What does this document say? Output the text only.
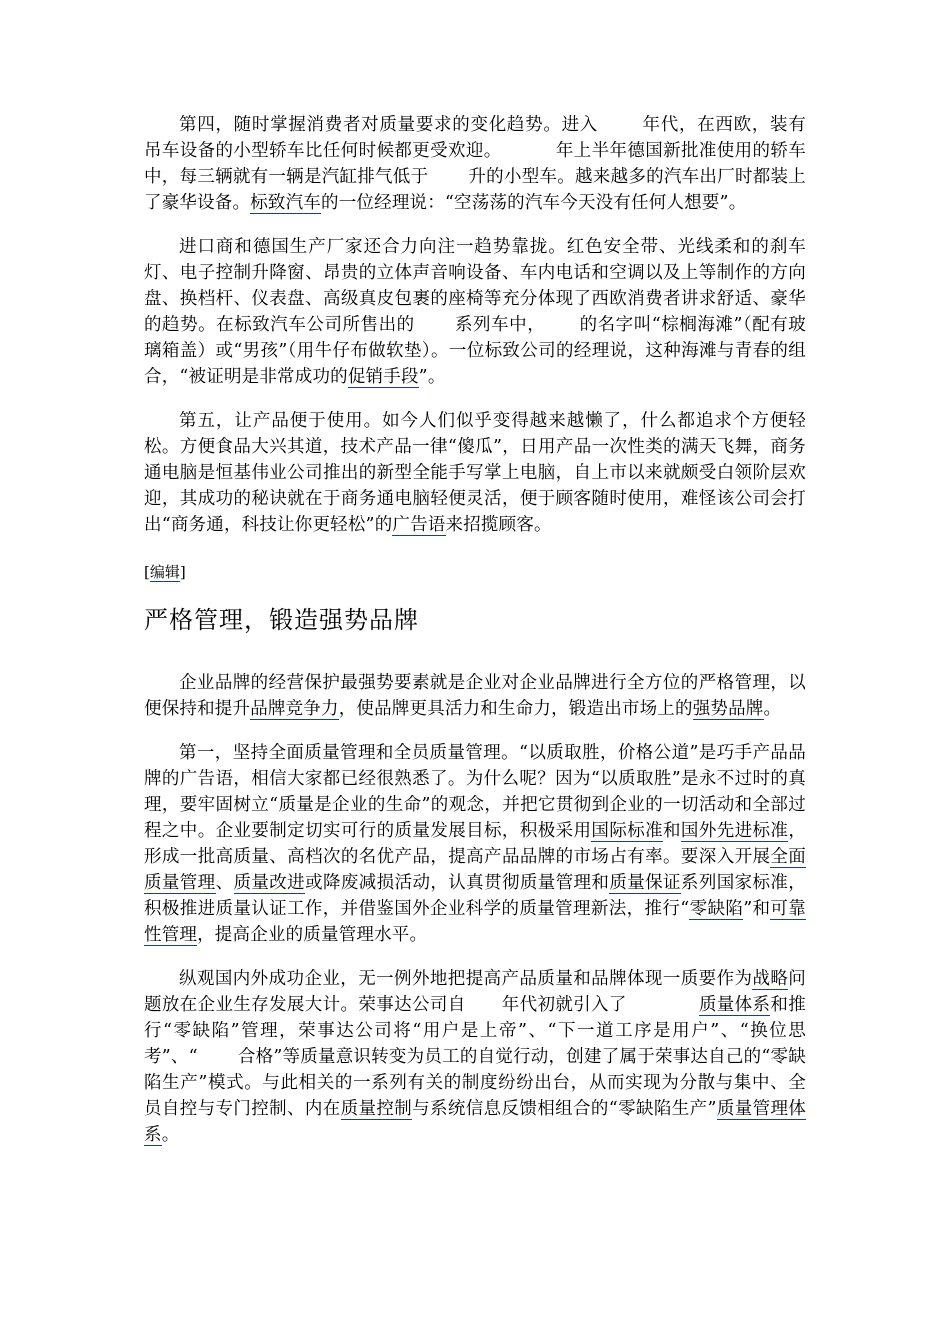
第四，随时掌握消费者对质量要求的变化趋势。进入	年代，在西欧，装有吊车设备的小型轿车比任何时候都更受欢迎。	年上半年德国新批准使用的轿车中，每三辆就有一辆是汽缸排气低于 升的小型车。越来越多的汽车出厂时都装上了豪华设备。标致汽车的一位经理说：“空荡荡的汽车今天没有任何人想要”。

进口商和德国生产厂家还合力向注一趋势靠拢。红色安全带、光线柔和的刹车灯、电子控制升降窗、昂贵的立体声音响设备、车内电话和空调以及上等制作的方向盘、换档杆、仪表盘、高级真皮包裹的座椅等充分体现了西欧消费者讲求舒适、豪华的趋势。在标致汽车公司所售出的 系列车中， 的名字叫“棕榈海滩”（配有玻璃箱盖）或“男孩”（用牛仔布做软垫）。一位标致公司的经理说，这种海滩与青春的组合，“被证明是非常成功的促销手段”。

第五，让产品便于使用。如今人们似乎变得越来越懒了，什么都追求个方便轻松。方便食品大兴其道，技术产品一律“傻瓜”，日用产品一次性类的满天飞舞，商务通电脑是恒基伟业公司推出的新型全能手写掌上电脑，自上市以来就颇受白领阶层欢迎，其成功的秘诀就在于商务通电脑轻便灵活，便于顾客随时使用，难怪该公司会打出“商务通，科技让你更轻松”的广告语来招揽顾客。

[编辑]
严格管理，锻造强势品牌

企业品牌的经营保护最强势要素就是企业对企业品牌进行全方位的严格管理，以便保持和提升品牌竞争力，使品牌更具活力和生命力，锻造出市场上的强势品牌。

第一，坚持全面质量管理和全员质量管理。“以质取胜，价格公道”是巧手产品品牌的广告语，相信大家都已经很熟悉了。为什么呢？因为“以质取胜”是永不过时的真理，要牢固树立“质量是企业的生命”的观念，并把它贯彻到企业的一切活动和全部过程之中。企业要制定切实可行的质量发展目标，积极采用国际标准和国外先进标准，形成一批高质量、高档次的名优产品，提高产品品牌的市场占有率。要深入开展全面质量管理、质量改进或降废减损活动，认真贯彻质量管理和质量保证系列国家标准，积极推进质量认证工作，并借鉴国外企业科学的质量管理新法，推行“零缺陷”和可靠性管理，提高企业的质量管理水平。

纵观国内外成功企业，无一例外地把提高产品质量和品牌体现一质要作为战略问题放在企业生存发展大计。荣事达公司自 年代初就引入了	质量体系和推行“零缺陷”管理，荣事达公司将“用户是上帝”、“下一道工序是用户”、“换位思考”、“ 合格”等质量意识转变为员工的自觉行动，创建了属于荣事达自己的“零缺陷生产”模式。与此相关的一系列有关的制度纷纷出台，从而实现为分散与集中、全员自控与专门控制、内在质量控制与系统信息反馈相组合的“零缺陷生产”质量管理体系。
